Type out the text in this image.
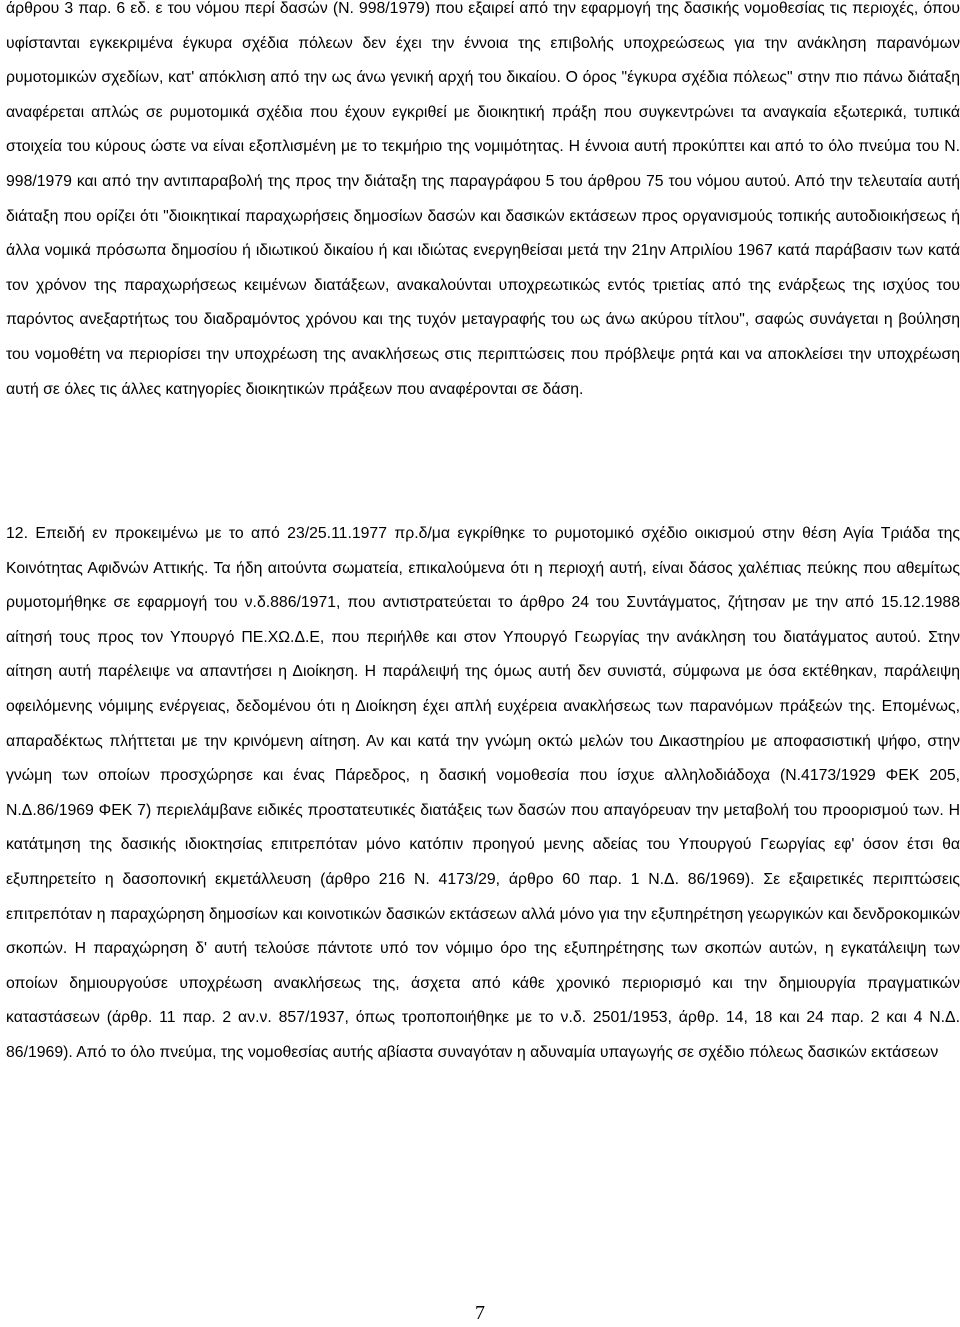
άρθρου 3 παρ. 6 εδ. ε του νόμου περί δασών (Ν. 998/1979) που εξαιρεί από την εφαρμογή της δασικής νομοθεσίας τις περιοχές, όπου υφίστανται εγκεκριμένα έγκυρα σχέδια πόλεων δεν έχει την έννοια της επιβολής υποχρεώσεως για την ανάκληση παρανόμων ρυμοτομικών σχεδίων, κατ' απόκλιση από την ως άνω γενική αρχή του δικαίου. Ο όρος "έγκυρα σχέδια πόλεως" στην πιο πάνω διάταξη αναφέρεται απλώς σε ρυμοτομικά σχέδια που έχουν εγκριθεί με διοικητική πράξη που συγκεντρώνει τα αναγκαία εξωτερικά, τυπικά στοιχεία του κύρους ώστε να είναι εξοπλισμένη με το τεκμήριο της νομιμότητας. Η έννοια αυτή προκύπτει και από το όλο πνεύμα του Ν. 998/1979 και από την αντιπαραβολή της προς την διάταξη της παραγράφου 5 του άρθρου 75 του νόμου αυτού. Από την τελευταία αυτή διάταξη που ορίζει ότι "διοικητικαί παραχωρήσεις δημοσίων δασών και δασικών εκτάσεων προς οργανισμούς τοπικής αυτοδιοικήσεως ή άλλα νομικά πρόσωπα δημοσίου ή ιδιωτικού δικαίου ή και ιδιώτας ενεργηθείσαι μετά την 21ην Απριλίου 1967 κατά παράβασιν των κατά τον χρόνον της παραχωρήσεως κειμένων διατάξεων, ανακαλούνται υποχρεωτικώς εντός τριετίας από της ενάρξεως της ισχύος του παρόντος ανεξαρτήτως του διαδραμόντος χρόνου και της τυχόν μεταγραφής του ως άνω ακύρου τίτλου", σαφώς συνάγεται η βούληση του νομοθέτη να περιορίσει την υποχρέωση της ανακλήσεως στις περιπτώσεις που πρόβλεψε ρητά και να αποκλείσει την υποχρέωση αυτή σε όλες τις άλλες κατηγορίες διοικητικών πράξεων που αναφέρονται σε δάση.

12. Επειδή εν προκειμένω με το από 23/25.11.1977 πρ.δ/μα εγκρίθηκε το ρυμοτομικό σχέδιο οικισμού στην θέση Αγία Τριάδα της Κοινότητας Αφιδνών Αττικής. Τα ήδη αιτούντα σωματεία, επικαλούμενα ότι η περιοχή αυτή, είναι δάσος χαλέπιας πεύκης που αθεμίτως ρυμοτομήθηκε σε εφαρμογή του ν.δ.886/1971, που αντιστρατεύεται το άρθρο 24 του Συντάγματος, ζήτησαν με την από 15.12.1988 αίτησή τους προς τον Υπουργό ΠΕ.ΧΩ.Δ.Ε, που περιήλθε και στον Υπουργό Γεωργίας την ανάκληση του διατάγματος αυτού. Στην αίτηση αυτή παρέλειψε να απαντήσει η Διοίκηση. Η παράλειψή της όμως αυτή δεν συνιστά, σύμφωνα με όσα εκτέθηκαν, παράλειψη οφειλόμενης νόμιμης ενέργειας, δεδομένου ότι η Διοίκηση έχει απλή ευχέρεια ανακλήσεως των παρανόμων πράξεών της. Επομένως, απαραδέκτως πλήττεται με την κρινόμενη αίτηση. Αν και κατά την γνώμη οκτώ μελών του Δικαστηρίου με αποφασιστική ψήφο, στην γνώμη των οποίων προσχώρησε και ένας Πάρεδρος, η δασική νομοθεσία που ίσχυε αλληλοδιάδοχα (Ν.4173/1929 ΦΕΚ 205, Ν.Δ.86/1969 ΦΕΚ 7) περιελάμβανε ειδικές προστατευτικές διατάξεις των δασών που απαγόρευαν την μεταβολή του προορισμού των. Η κατάτμηση της δασικής ιδιοκτησίας επιτρεπόταν μόνο κατόπιν προηγού μενης αδείας του Υπουργού Γεωργίας εφ' όσον έτσι θα εξυπηρετείτο η δασοπονική εκμετάλλευση (άρθρο 216 Ν. 4173/29, άρθρο 60 παρ. 1 Ν.Δ. 86/1969). Σε εξαιρετικές περιπτώσεις επιτρεπόταν η παραχώρηση δημοσίων και κοινοτικών δασικών εκτάσεων αλλά μόνο για την εξυπηρέτηση γεωργικών και δενδροκομικών σκοπών. Η παραχώρηση δ' αυτή τελούσε πάντοτε υπό τον νόμιμο όρο της εξυπηρέτησης των σκοπών αυτών, η εγκατάλειψη των οποίων δημιουργούσε υποχρέωση ανακλήσεως της, άσχετα από κάθε χρονικό περιορισμό και την δημιουργία πραγματικών καταστάσεων (άρθρ. 11 παρ. 2 αν.ν. 857/1937, όπως τροποποιήθηκε με το ν.δ. 2501/1953, άρθρ. 14, 18 και 24 παρ. 2 και 4 Ν.Δ. 86/1969). Από το όλο πνεύμα, της νομοθεσίας αυτής αβίαστα συναγόταν η αδυναμία υπαγωγής σε σχέδιο πόλεως δασικών εκτάσεων

7
